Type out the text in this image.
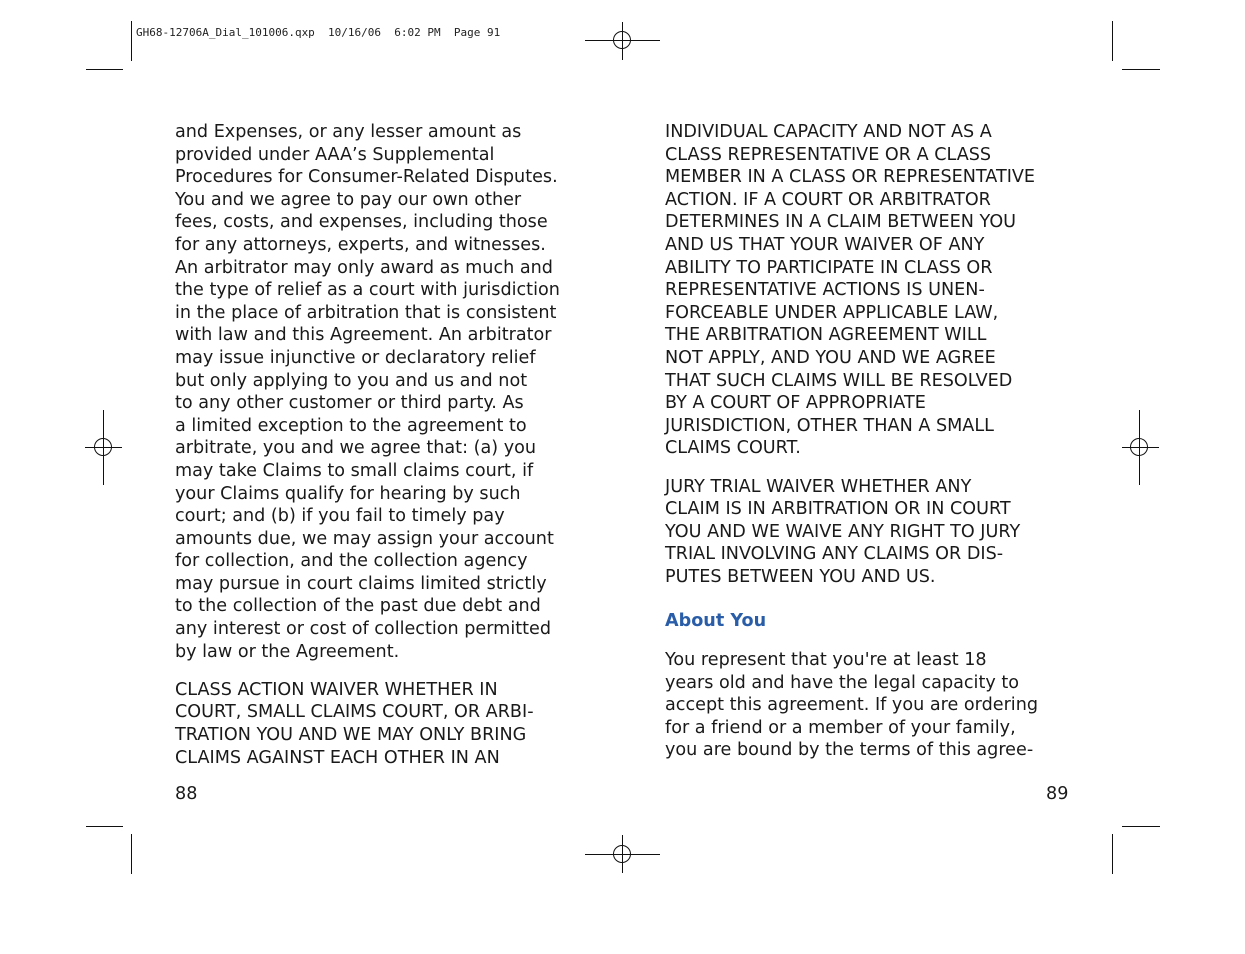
GH68-12706A_Dial_101006.qxp  10/16/06  6:02 PM  Page 91

and Expenses, or any lesser amount as
provided under AAA’s Supplemental
Procedures for Consumer-Related Disputes.
You and we agree to pay our own other
fees, costs, and expenses, including those
for any attorneys, experts, and witnesses.
An arbitrator may only award as much and
the type of relief as a court with jurisdiction
in the place of arbitration that is consistent
with law and this Agreement. An arbitrator
may issue injunctive or declaratory relief
but only applying to you and us and not
to any other customer or third party. As
a limited exception to the agreement to
arbitrate, you and we agree that: (a) you
may take Claims to small claims court, if
your Claims qualify for hearing by such
court; and (b) if you fail to timely pay
amounts due, we may assign your account
for collection, and the collection agency
may pursue in court claims limited strictly
to the collection of the past due debt and
any interest or cost of collection permitted
by law or the Agreement.

CLASS ACTION WAIVER WHETHER IN
COURT, SMALL CLAIMS COURT, OR ARBI-
TRATION YOU AND WE MAY ONLY BRING
CLAIMS AGAINST EACH OTHER IN AN

88

INDIVIDUAL CAPACITY AND NOT AS A
CLASS REPRESENTATIVE OR A CLASS
MEMBER IN A CLASS OR REPRESENTATIVE
ACTION. IF A COURT OR ARBITRATOR
DETERMINES IN A CLAIM BETWEEN YOU
AND US THAT YOUR WAIVER OF ANY
ABILITY TO PARTICIPATE IN CLASS OR
REPRESENTATIVE ACTIONS IS UNEN-
FORCEABLE UNDER APPLICABLE LAW,
THE ARBITRATION AGREEMENT WILL
NOT APPLY, AND YOU AND WE AGREE
THAT SUCH CLAIMS WILL BE RESOLVED
BY A COURT OF APPROPRIATE
JURISDICTION, OTHER THAN A SMALL
CLAIMS COURT.

JURY TRIAL WAIVER WHETHER ANY
CLAIM IS IN ARBITRATION OR IN COURT
YOU AND WE WAIVE ANY RIGHT TO JURY
TRIAL INVOLVING ANY CLAIMS OR DIS-
PUTES BETWEEN YOU AND US.

About You

You represent that you're at least 18
years old and have the legal capacity to
accept this agreement. If you are ordering
for a friend or a member of your family,
you are bound by the terms of this agree-

89
